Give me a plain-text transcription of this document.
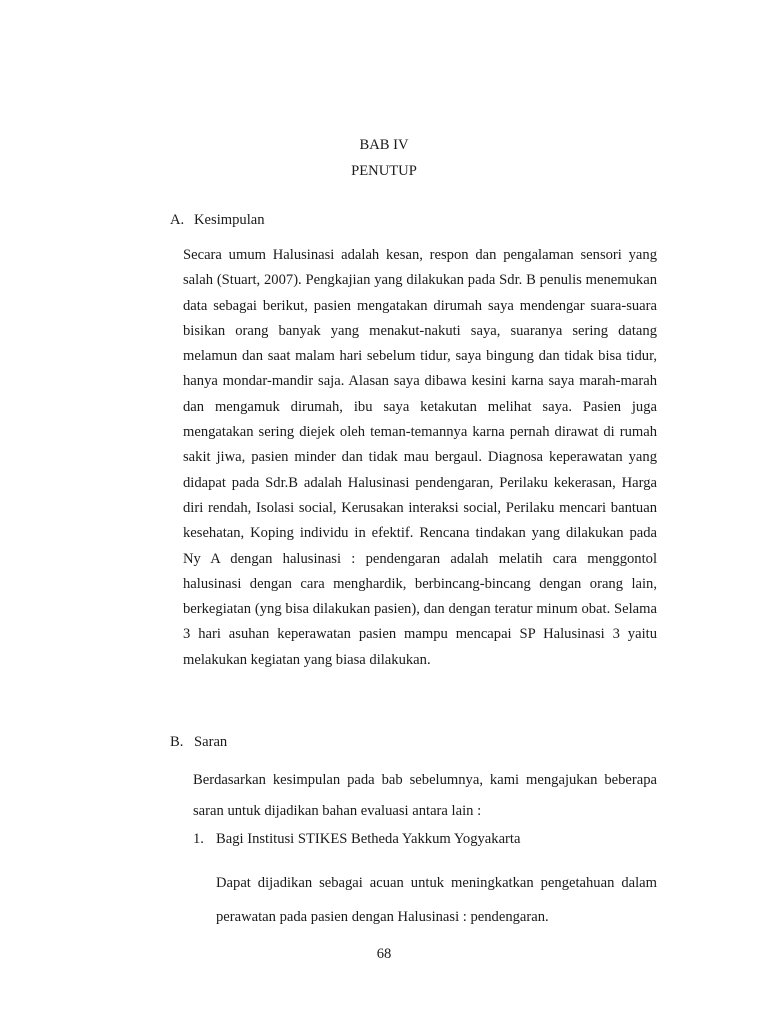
BAB IV
PENUTUP
A. Kesimpulan

Secara umum Halusinasi adalah kesan, respon dan pengalaman sensori yang salah (Stuart, 2007). Pengkajian yang dilakukan pada Sdr. B penulis menemukan data sebagai berikut, pasien mengatakan dirumah saya mendengar suara-suara bisikan orang banyak yang menakut-nakuti saya, suaranya sering datang melamun dan saat malam hari sebelum tidur, saya bingung dan tidak bisa tidur, hanya mondar-mandir saja. Alasan saya dibawa kesini karna saya marah-marah dan mengamuk dirumah, ibu saya ketakutan melihat saya. Pasien juga mengatakan sering diejek oleh teman-temannya karna pernah dirawat di rumah sakit jiwa, pasien minder dan tidak mau bergaul. Diagnosa keperawatan yang didapat pada Sdr.B adalah Halusinasi pendengaran, Perilaku kekerasan, Harga diri rendah, Isolasi social, Kerusakan interaksi social, Perilaku mencari bantuan kesehatan, Koping individu in efektif. Rencana tindakan yang dilakukan pada Ny A dengan halusinasi : pendengaran adalah melatih cara menggontol halusinasi dengan cara menghardik, berbincang-bincang dengan orang lain, berkegiatan (yng bisa dilakukan pasien), dan dengan teratur minum obat. Selama 3 hari asuhan keperawatan pasien mampu mencapai SP Halusinasi 3 yaitu melakukan kegiatan yang biasa dilakukan.

B. Saran

Berdasarkan kesimpulan pada bab sebelumnya, kami mengajukan beberapa saran untuk dijadikan bahan evaluasi antara lain :

1. Bagi Institusi STIKES Betheda Yakkum Yogyakarta

Dapat dijadikan sebagai acuan untuk meningkatkan pengetahuan dalam perawatan pada pasien dengan Halusinasi : pendengaran.

68
